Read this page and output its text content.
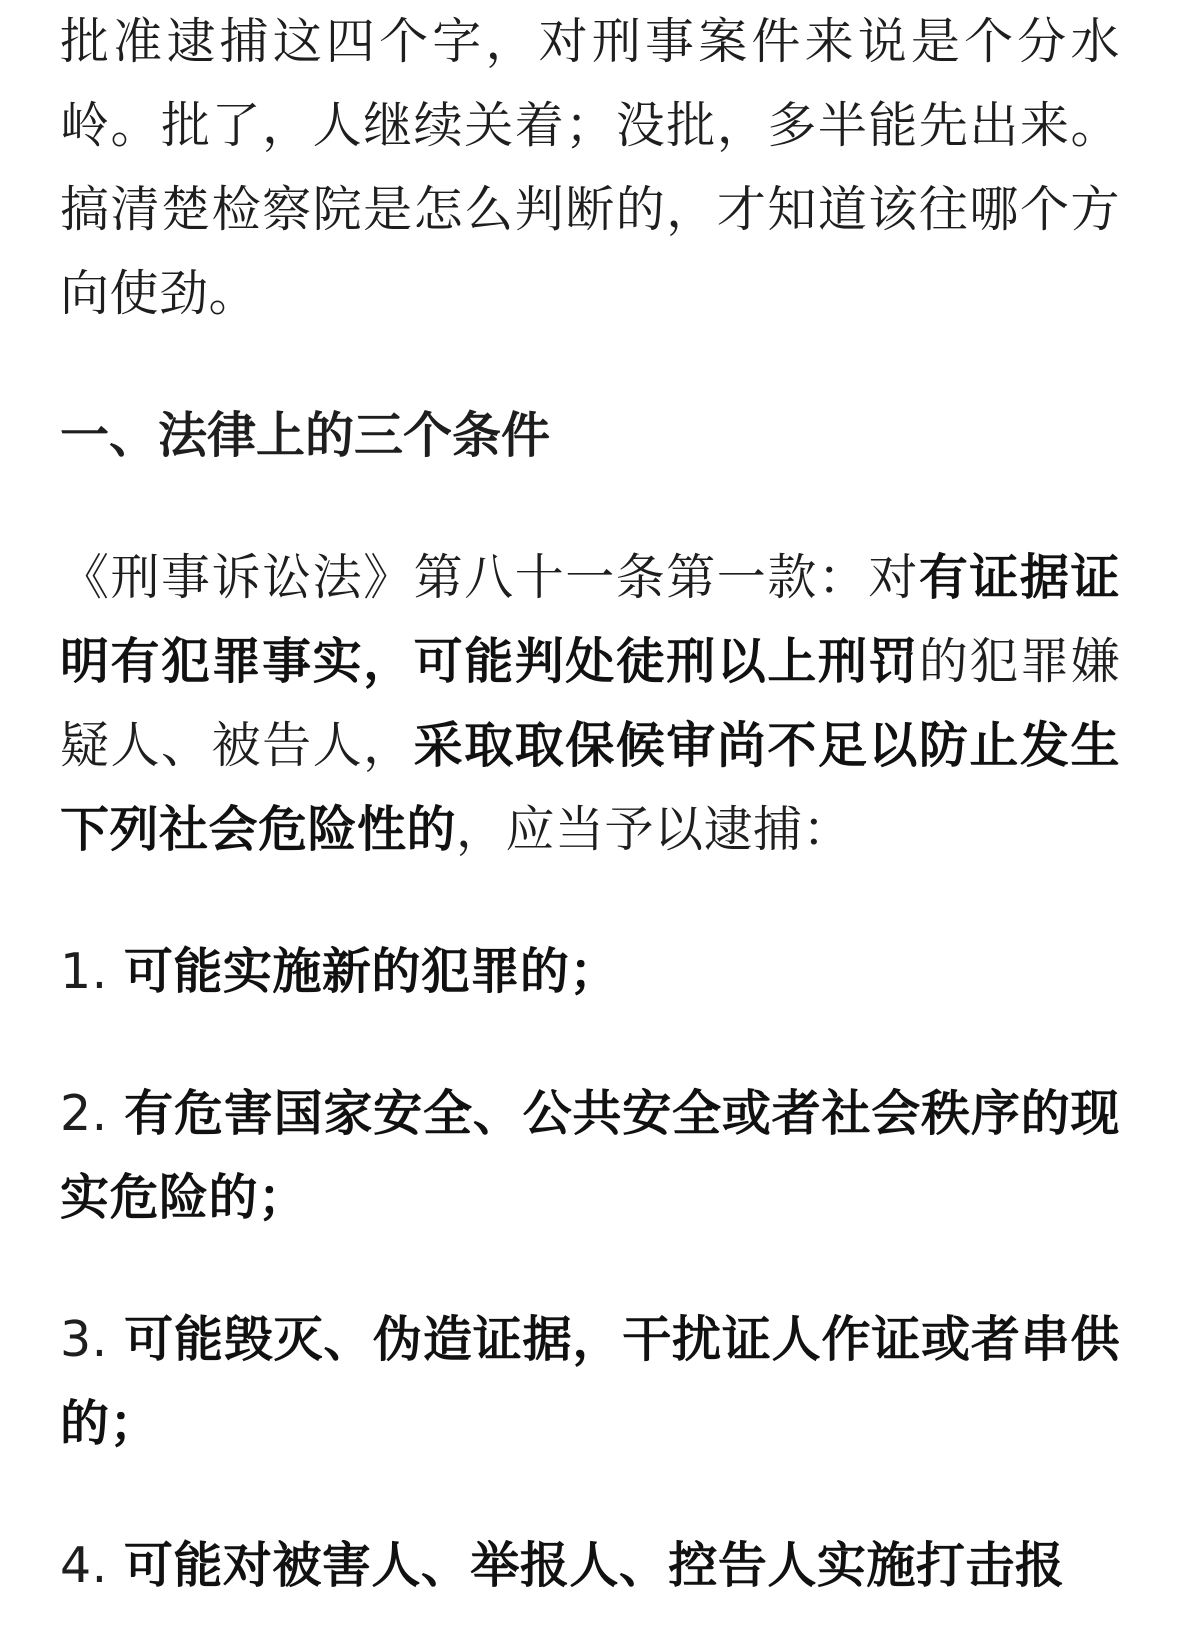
批准逮捕这四个字，对刑事案件来说是个分水岭。批了，人继续关着；没批，多半能先出来。搞清楚检察院是怎么判断的，才知道该往哪个方向使劲。

一、法律上的三个条件

《刑事诉讼法》第八十一条第一款：对有证据证明有犯罪事实，可能判处徒刑以上刑罚的犯罪嫌疑人、被告人，采取取保候审尚不足以防止发生下列社会危险性的，应当予以逮捕：

1. 可能实施新的犯罪的；

2. 有危害国家安全、公共安全或者社会秩序的现实危险的；

3. 可能毁灭、伪造证据，干扰证人作证或者串供的；

4. 可能对被害人、举报人、控告人实施打击报
